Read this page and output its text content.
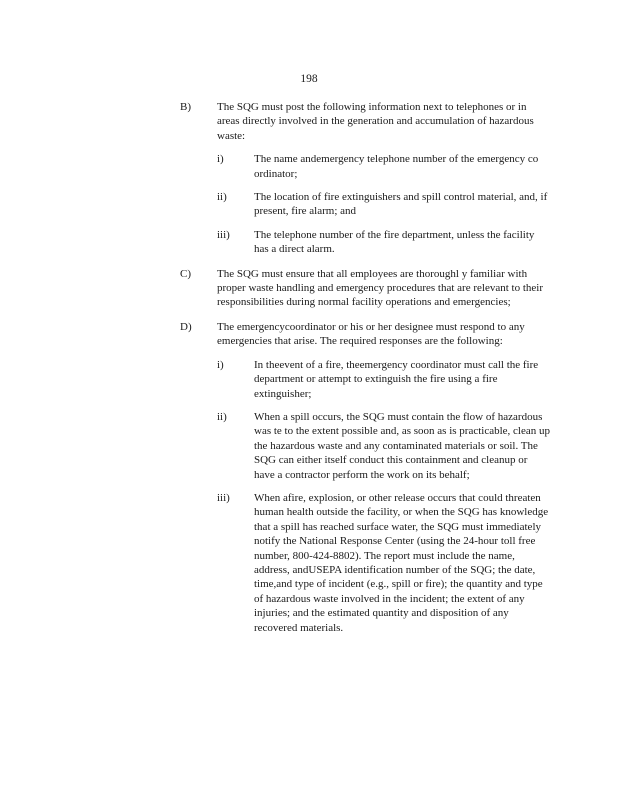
198
B) The SQG must post the following information next to telephones or in areas directly involved in the generation and accumulation of hazardous waste:

i)	The name andemergency telephone number of the emergency co ordinator;
ii) The location of fire extinguishers and spill control material, and, if present, fire alarm; and
iii) The telephone number of the fire department, unless the facility has a direct alarm.
C) The SQG must ensure that all employees are thoroughl y familiar with proper waste handling and emergency procedures that are relevant to their responsibilities during normal facility operations and emergencies;

D) The emergencycoordinator or his or her designee must respond to any emergencies that arise. The required responses are the following:

i)	In theevent of a fire, theemergency coordinator must call the fire department or attempt to extinguish the fire using a fire extinguisher;
ii) When a spill occurs, the SQG must contain the flow of hazardous was te to the extent possible and, as soon as is practicable, clean up the hazardous waste and any contaminated materials or soil. The SQG can either itself conduct this containment and cleanup or have a contractor perform the work on its behalf;
iii) When afire, explosion, or other release occurs that could threaten human health outside the facility, or when the SQG has knowledge that a spill has reached surface water, the SQG must immediately notify the National Response Center (using the 24-hour toll free number, 800-424-8802). The report must include the name, address, andUSEPA identification number of the SQG; the date, time,and type of incident (e.g., spill or fire); the quantity and type of hazardous waste involved in the incident; the extent of any injuries; and the estimated quantity and disposition of any recovered materials.
